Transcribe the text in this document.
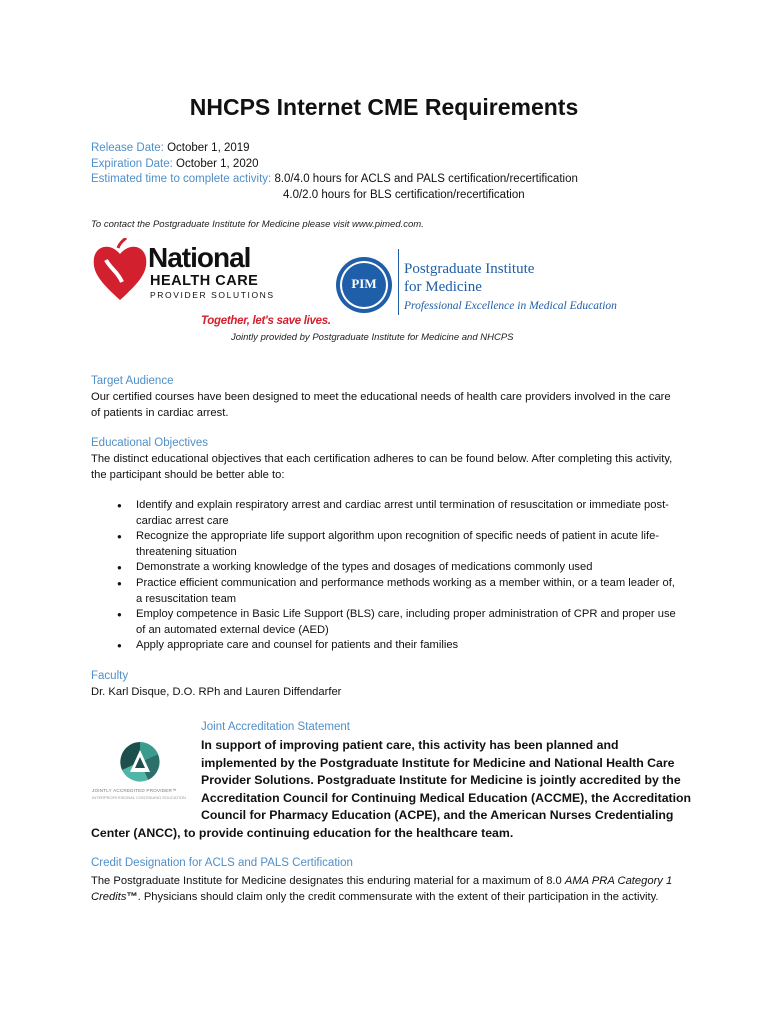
NHCPS Internet CME Requirements
Release Date: October 1, 2019
Expiration Date: October 1, 2020
Estimated time to complete activity: 8.0/4.0 hours for ACLS and PALS certification/recertification
4.0/2.0 hours for BLS certification/recertification
To contact the Postgraduate Institute for Medicine please visit www.pimed.com.
National
HEALTH CARE
PROVIDER SOLUTIONS
Together, let's save lives.
PIM
Postgraduate Institute
for Medicine
Professional Excellence in Medical Education
Jointly provided by Postgraduate Institute for Medicine and NHCPS
Target Audience
Our certified courses have been designed to meet the educational needs of health care providers involved in the care of patients in cardiac arrest.
Educational Objectives
The distinct educational objectives that each certification adheres to can be found below. After completing this activity, the participant should be better able to:
● Identify and explain respiratory arrest and cardiac arrest until termination of resuscitation or immediate post-cardiac arrest care
● Recognize the appropriate life support algorithm upon recognition of specific needs of patient in acute life-threatening situation
● Demonstrate a working knowledge of the types and dosages of medications commonly used
● Practice efficient communication and performance methods working as a member within, or a team leader of, a resuscitation team
● Employ competence in Basic Life Support (BLS) care, including proper administration of CPR and proper use of an automated external device (AED)
● Apply appropriate care and counsel for patients and their families
Faculty
Dr. Karl Disque, D.O. RPh and Lauren Diffendarfer
JOINTLY ACCREDITED PROVIDER™
INTERPROFESSIONAL CONTINUING EDUCATION
Joint Accreditation Statement
In support of improving patient care, this activity has been planned and
implemented by the Postgraduate Institute for Medicine and National Health Care
Provider Solutions. Postgraduate Institute for Medicine is jointly accredited by the
Accreditation Council for Continuing Medical Education (ACCME), the Accreditation
Council for Pharmacy Education (ACPE), and the American Nurses Credentialing
Center (ANCC), to provide continuing education for the healthcare team.
Credit Designation for ACLS and PALS Certification
The Postgraduate Institute for Medicine designates this enduring material for a maximum of 8.0 AMA PRA Category 1 Credits™. Physicians should claim only the credit commensurate with the extent of their participation in the activity.
